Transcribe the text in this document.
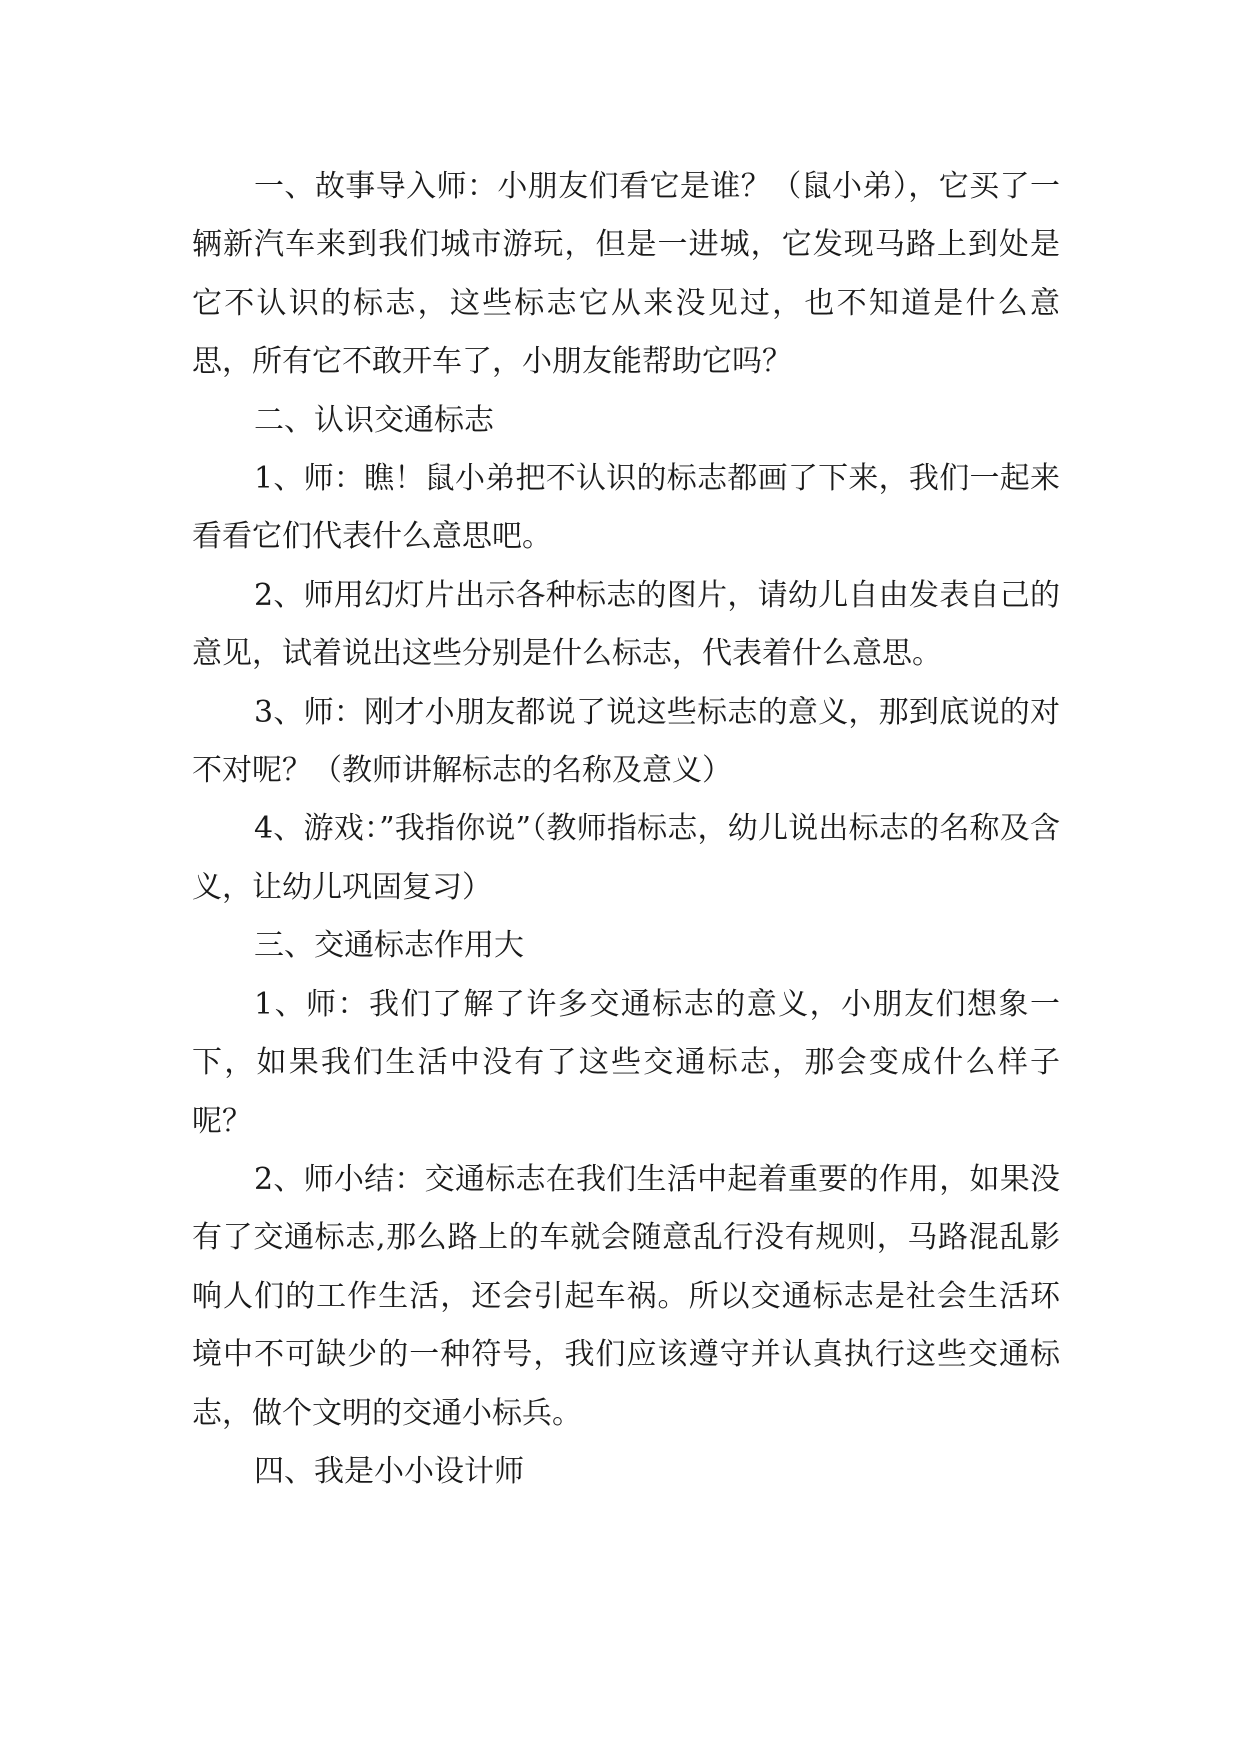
一、故事导入师：小朋友们看它是谁？（鼠小弟），它买了一辆新汽车来到我们城市游玩，但是一进城，它发现马路上到处是它不认识的标志，这些标志它从来没见过，也不知道是什么意思，所有它不敢开车了，小朋友能帮助它吗？

二、认识交通标志

1、师：瞧！鼠小弟把不认识的标志都画了下来，我们一起来看看它们代表什么意思吧。

2、师用幻灯片出示各种标志的图片，请幼儿自由发表自己的意见，试着说出这些分别是什么标志，代表着什么意思。

3、师：刚才小朋友都说了说这些标志的意义，那到底说的对不对呢？（教师讲解标志的名称及意义）

4、游戏：”我指你说”（教师指标志，幼儿说出标志的名称及含义，让幼儿巩固复习）

三、交通标志作用大

1、师：我们了解了许多交通标志的意义，小朋友们想象一下，如果我们生活中没有了这些交通标志，那会变成什么样子呢？

2、师小结：交通标志在我们生活中起着重要的作用，如果没有了交通标志,那么路上的车就会随意乱行没有规则，马路混乱影响人们的工作生活，还会引起车祸。所以交通标志是社会生活环境中不可缺少的一种符号，我们应该遵守并认真执行这些交通标志，做个文明的交通小标兵。

四、我是小小设计师
